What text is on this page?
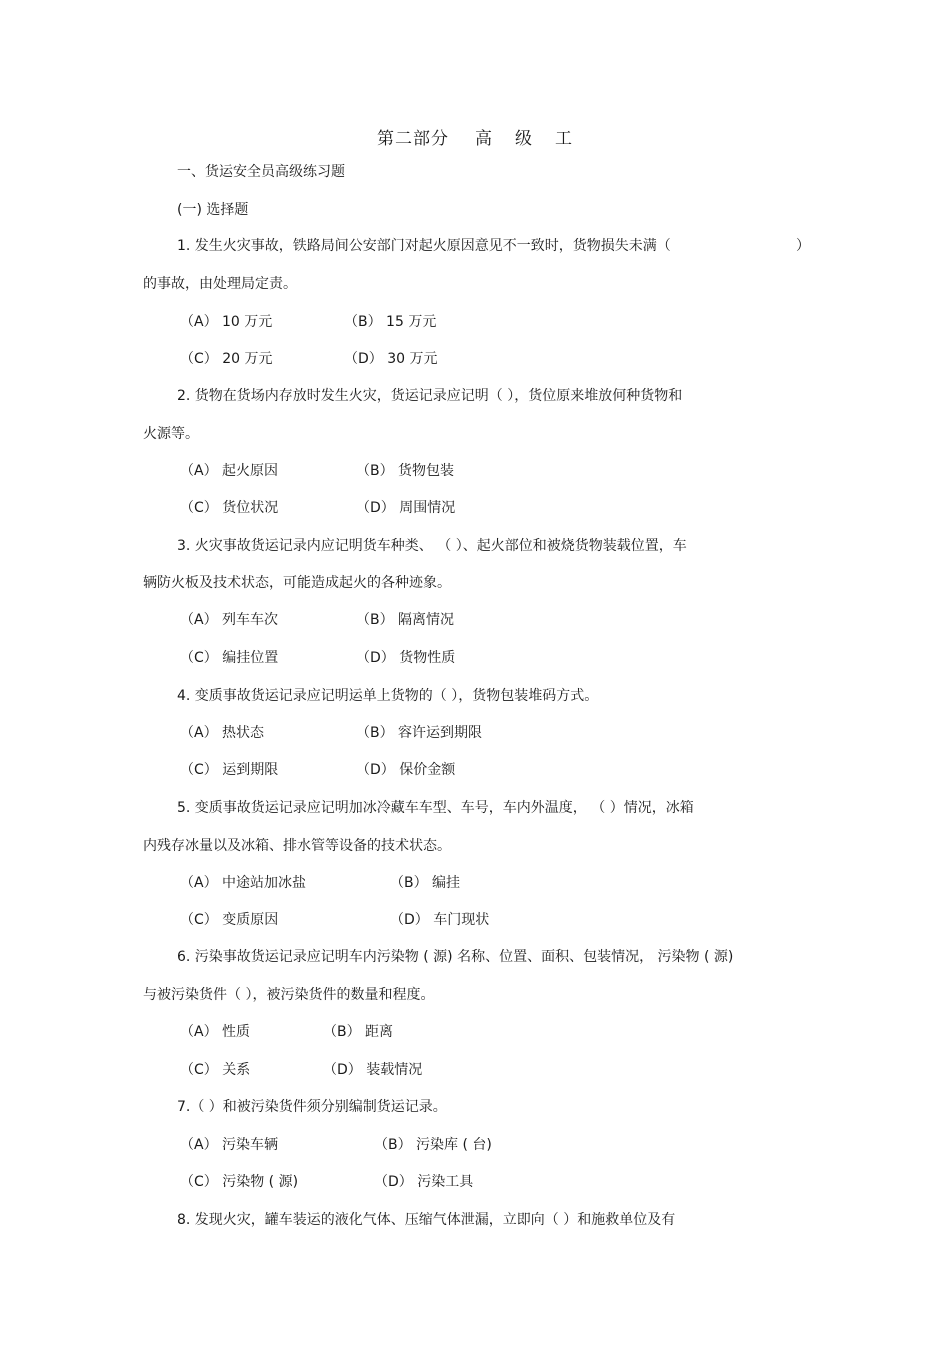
第二部分 高 级 工
一、货运安全员高级练习题
(一) 选择题
1. 发生火灾事故，铁路局间公安部门对起火原因意见不一致时，货物损失未满（	）
的事故，由处理局定责。
（A） 10 万元	（B） 15 万元
（C） 20 万元	（D） 30 万元
2. 货物在货场内存放时发生火灾，货运记录应记明（ ），货位原来堆放何种货物和
火源等。
（A） 起火原因	（B） 货物包装
（C） 货位状况	（D） 周围情况
3. 火灾事故货运记录内应记明货车种类、 （ ）、起火部位和被烧货物装载位置，车
辆防火板及技术状态，可能造成起火的各种迹象。
（A） 列车车次	（B） 隔离情况
（C） 编挂位置	（D） 货物性质
4. 变质事故货运记录应记明运单上货物的（ ），货物包装堆码方式。
（A） 热状态	（B） 容许运到期限
（C） 运到期限	（D） 保价金额
5. 变质事故货运记录应记明加冰冷藏车车型、车号，车内外温度， （ ）情况，冰箱
内残存冰量以及冰箱、排水管等设备的技术状态。
（A） 中途站加冰盐	（B） 编挂
（C） 变质原因	（D） 车门现状
6. 污染事故货运记录应记明车内污染物 ( 源) 名称、位置、面积、包装情况， 污染物 ( 源)
与被污染货件（ ），被污染货件的数量和程度。
（A） 性质	（B） 距离
（C） 关系	（D） 装载情况
7.（ ）和被污染货件须分别编制货运记录。
（A） 污染车辆	（B） 污染库 ( 台)
（C） 污染物 ( 源)	（D） 污染工具
8. 发现火灾，罐车装运的液化气体、压缩气体泄漏，立即向（ ）和施救单位及有
